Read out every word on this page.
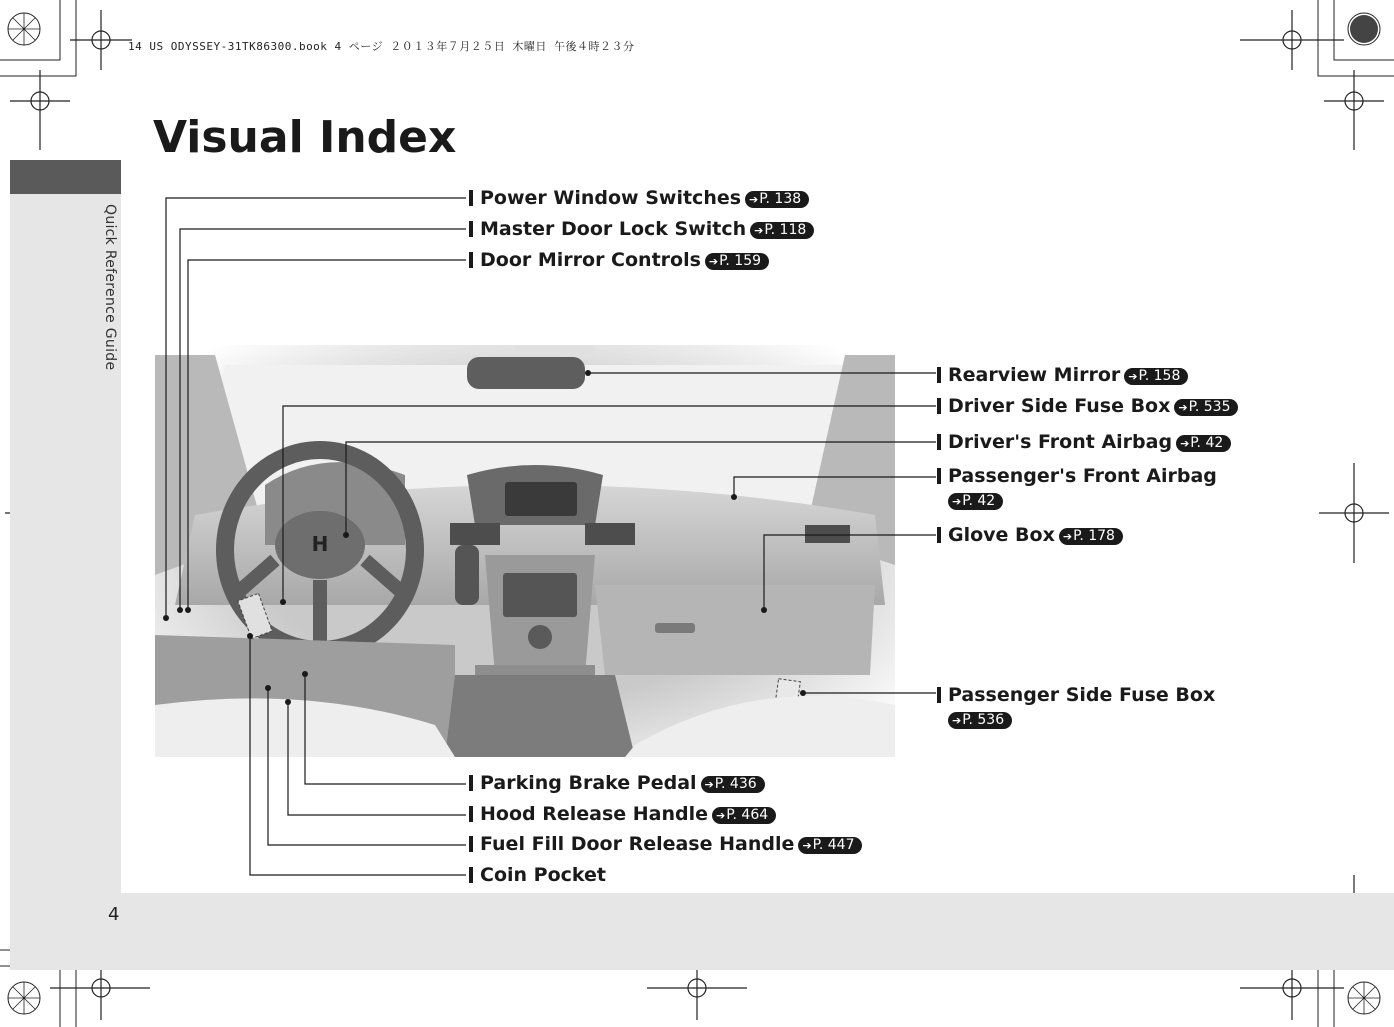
14 US ODYSSEY-31TK86300.book 4 ページ ２０１３年７月２５日 木曜日 午後４時２３分
Quick Reference Guide
4
Visual Index
H
Power Window Switches ➔P. 138
Master Door Lock Switch ➔P. 118
Door Mirror Controls ➔P. 159
Rearview Mirror ➔P. 158
Driver Side Fuse Box ➔P. 535
Driver's Front Airbag ➔P. 42
Passenger's Front Airbag
➔P. 42
Glove Box ➔P. 178
Passenger Side Fuse Box
➔P. 536
Parking Brake Pedal ➔P. 436
Hood Release Handle ➔P. 464
Fuel Fill Door Release Handle ➔P. 447
Coin Pocket
